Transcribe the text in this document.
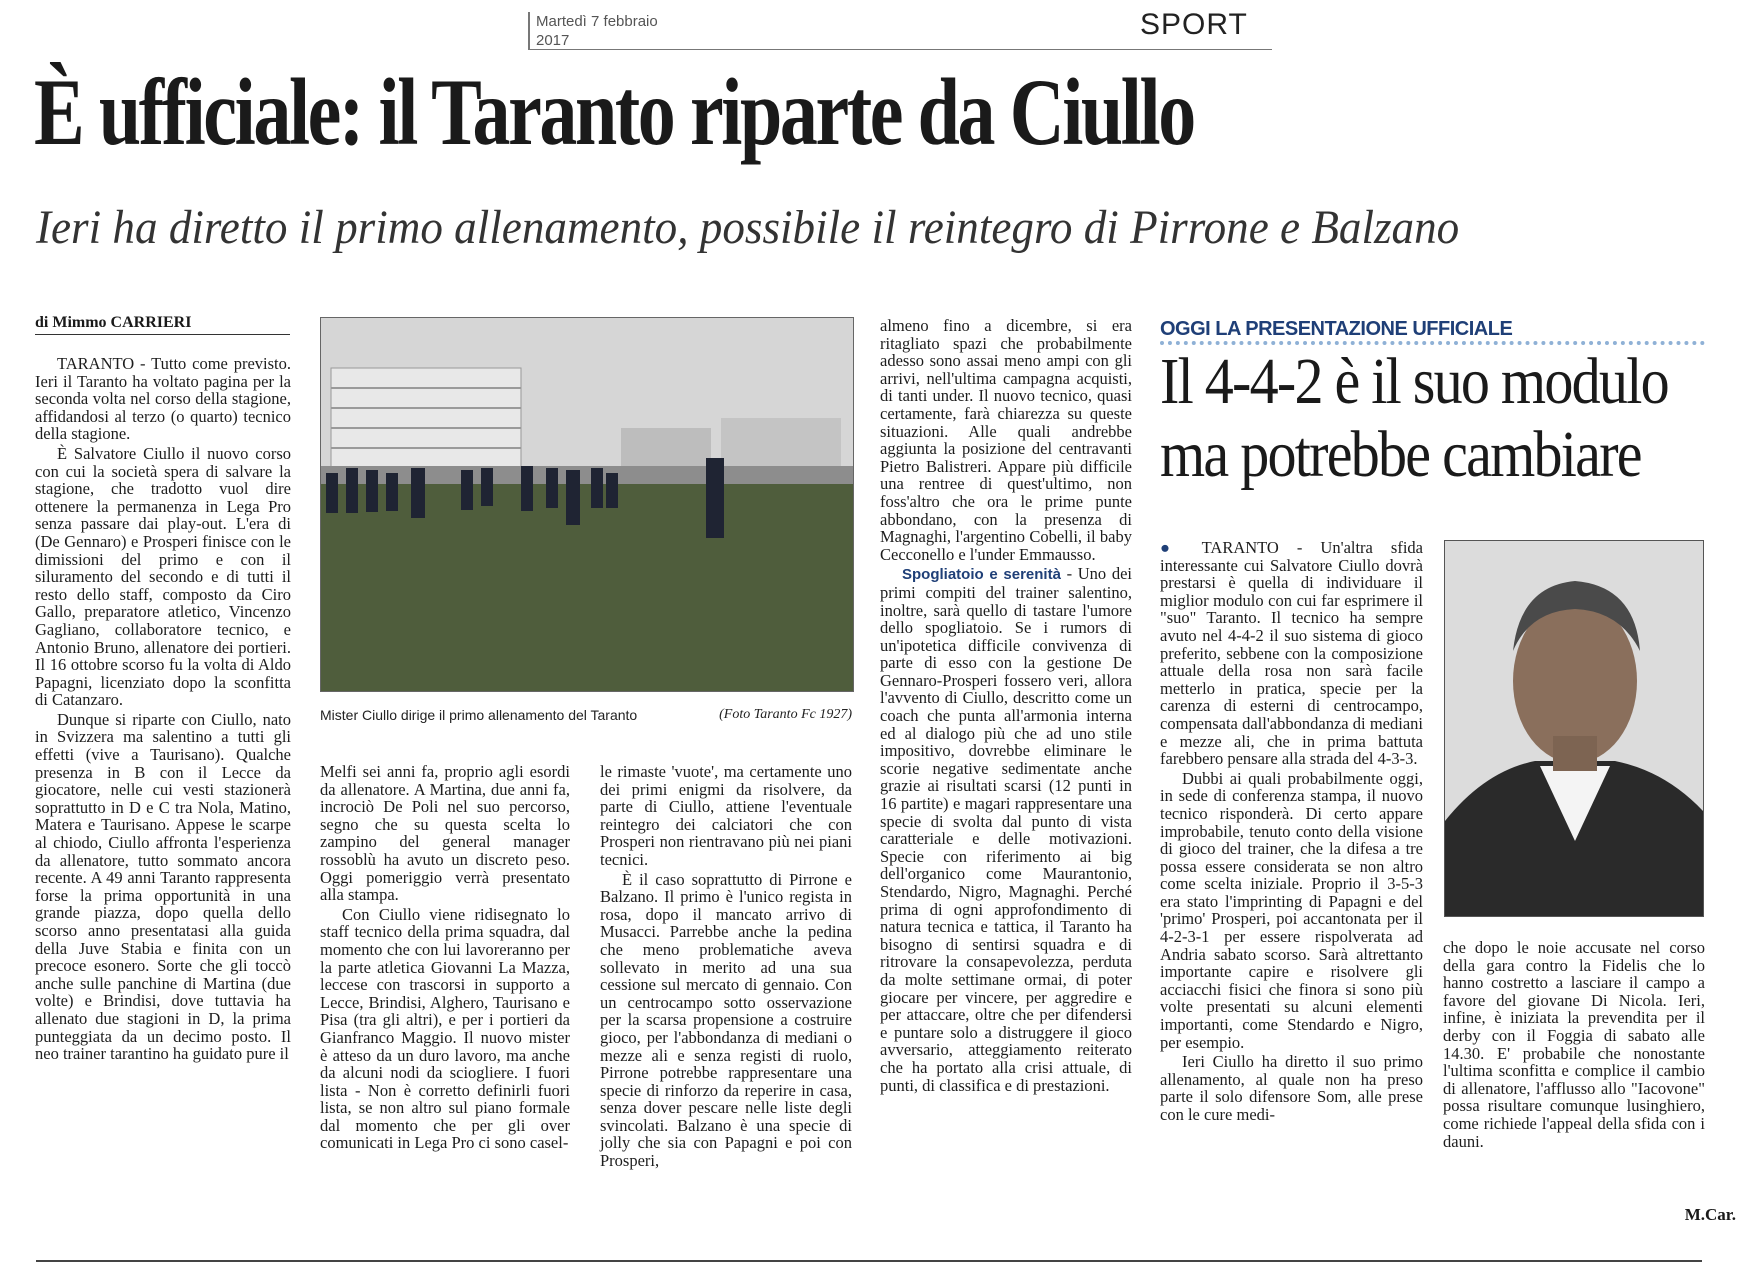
Martedì 7 febbraio
2017	SPORT
È ufficiale: il Taranto riparte da Ciullo
Ieri ha diretto il primo allenamento, possibile il reintegro di Pirrone e Balzano
di Mimmo CARRIERI

TARANTO - Tutto come previsto. Ieri il Taranto ha voltato pagina per la seconda volta nel corso della stagione, affidandosi al terzo (o quarto) tecnico della stagione.

È Salvatore Ciullo il nuovo corso con cui la società spera di salvare la stagione, che tradotto vuol dire ottenere la permanenza in Lega Pro senza passare dai play-out. L'era di (De Gennaro) e Prosperi finisce con le dimissioni del primo e con il siluramento del secondo e di tutti il resto dello staff, composto da Ciro Gallo, preparatore atletico, Vincenzo Gagliano, collaboratore tecnico, e Antonio Bruno, allenatore dei portieri. Il 16 ottobre scorso fu la volta di Aldo Papagni, licenziato dopo la sconfitta di Catanzaro.

Dunque si riparte con Ciullo, nato in Svizzera ma salentino a tutti gli effetti (vive a Taurisano). Qualche presenza in B con il Lecce da giocatore, nelle cui vesti stazionerà soprattutto in D e C tra Nola, Matino, Matera e Taurisano. Appese le scarpe al chiodo, Ciullo affronta l'esperienza da allenatore, tutto sommato ancora recente. A 49 anni Taranto rappresenta forse la prima opportunità in una grande piazza, dopo quella dello scorso anno presentatasi alla guida della Juve Stabia e finita con un precoce esonero. Sorte che gli toccò anche sulle panchine di Martina (due volte) e Brindisi, dove tuttavia ha allenato due stagioni in D, la prima punteggiata da un decimo posto. Il neo trainer tarantino ha guidato pure il

Mister Ciullo dirige il primo allenamento del Taranto	(Foto Taranto Fc 1927)

Melfi sei anni fa, proprio agli esordi da allenatore. A Martina, due anni fa, incrociò De Poli nel suo percorso, segno che su questa scelta lo zampino del general manager rossoblù ha avuto un discreto peso. Oggi pomeriggio verrà presentato alla stampa.

Con Ciullo viene ridisegnato lo staff tecnico della prima squadra, dal momento che con lui lavoreranno per la parte atletica Giovanni La Mazza, leccese con trascorsi in supporto a Lecce, Brindisi, Alghero, Taurisano e Pisa (tra gli altri), e per i portieri da Gianfranco Maggio. Il nuovo mister è atteso da un duro lavoro, ma anche da alcuni nodi da sciogliere. I fuori lista - Non è corretto definirli fuori lista, se non altro sul piano formale dal momento che per gli over comunicati in Lega Pro ci sono casel-

le rimaste 'vuote', ma certamente uno dei primi enigmi da risolvere, da parte di Ciullo, attiene l'eventuale reintegro dei calciatori che con Prosperi non rientravano più nei piani tecnici.

È il caso soprattutto di Pirrone e Balzano. Il primo è l'unico regista in rosa, dopo il mancato arrivo di Musacci. Parrebbe anche la pedina che meno problematiche aveva sollevato in merito ad una sua cessione sul mercato di gennaio. Con un centrocampo sotto osservazione per la scarsa propensione a costruire gioco, per l'abbondanza di mediani o mezze ali e senza registi di ruolo, Pirrone potrebbe rappresentare una specie di rinforzo da reperire in casa, senza dover pescare nelle liste degli svincolati. Balzano è una specie di jolly che sia con Papagni e poi con Prosperi,

almeno fino a dicembre, si era ritagliato spazi che probabilmente adesso sono assai meno ampi con gli arrivi, nell'ultima campagna acquisti, di tanti under. Il nuovo tecnico, quasi certamente, farà chiarezza su queste situazioni. Alle quali andrebbe aggiunta la posizione del centravanti Pietro Balistreri. Appare più difficile una rentree di quest'ultimo, non foss'altro che ora le prime punte abbondano, con la presenza di Magnaghi, l'argentino Cobelli, il baby Cecconello e l'under Emmausso.

Spogliatoio e serenità - Uno dei primi compiti del trainer salentino, inoltre, sarà quello di tastare l'umore dello spogliatoio. Se i rumors di un'ipotetica difficile convivenza di parte di esso con la gestione De Gennaro-Prosperi fossero veri, allora l'avvento di Ciullo, descritto come un coach che punta all'armonia interna ed al dialogo più che ad uno stile impositivo, dovrebbe eliminare le scorie negative sedimentate anche grazie ai risultati scarsi (12 punti in 16 partite) e magari rappresentare una specie di svolta dal punto di vista caratteriale e delle motivazioni. Specie con riferimento ai big dell'organico come Maurantonio, Stendardo, Nigro, Magnaghi. Perché prima di ogni approfondimento di natura tecnica e tattica, il Taranto ha bisogno di sentirsi squadra e di ritrovare la consapevolezza, perduta da molte settimane ormai, di poter giocare per vincere, per aggredire e per attaccare, oltre che per difendersi e puntare solo a distruggere il gioco avversario, atteggiamento reiterato che ha portato alla crisi attuale, di punti, di classifica e di prestazioni.

OGGI LA PRESENTAZIONE UFFICIALE
Il 4-4-2 è il suo modulo
ma potrebbe cambiare

● TARANTO - Un'altra sfida interessante cui Salvatore Ciullo dovrà prestarsi è quella di individuare il miglior modulo con cui far esprimere il "suo" Taranto. Il tecnico ha sempre avuto nel 4-4-2 il suo sistema di gioco preferito, sebbene con la composizione attuale della rosa non sarà facile metterlo in pratica, specie per la carenza di esterni di centrocampo, compensata dall'abbondanza di mediani e mezze ali, che in prima battuta farebbero pensare alla strada del 4-3-3.

Dubbi ai quali probabilmente oggi, in sede di conferenza stampa, il nuovo tecnico risponderà. Di certo appare improbabile, tenuto conto della visione di gioco del trainer, che la difesa a tre possa essere considerata se non altro come scelta iniziale. Proprio il 3-5-3 era stato l'imprinting di Papagni e del 'primo' Prosperi, poi accantonata per il 4-2-3-1 per essere rispolverata ad Andria sabato scorso. Sarà altrettanto importante capire e risolvere gli acciacchi fisici che finora si sono più volte presentati su alcuni elementi importanti, come Stendardo e Nigro, per esempio.

Ieri Ciullo ha diretto il suo primo allenamento, al quale non ha preso parte il solo difensore Som, alle prese con le cure medi-

che dopo le noie accusate nel corso della gara contro la Fidelis che lo hanno costretto a lasciare il campo a favore del giovane Di Nicola. Ieri, infine, è iniziata la prevendita per il derby con il Foggia di sabato alle 14.30. E' probabile che nonostante l'ultima sconfitta e complice il cambio di allenatore, l'afflusso allo "Iacovone" possa risultare comunque lusinghiero, come richiede l'appeal della sfida con i dauni.

M.Car.
